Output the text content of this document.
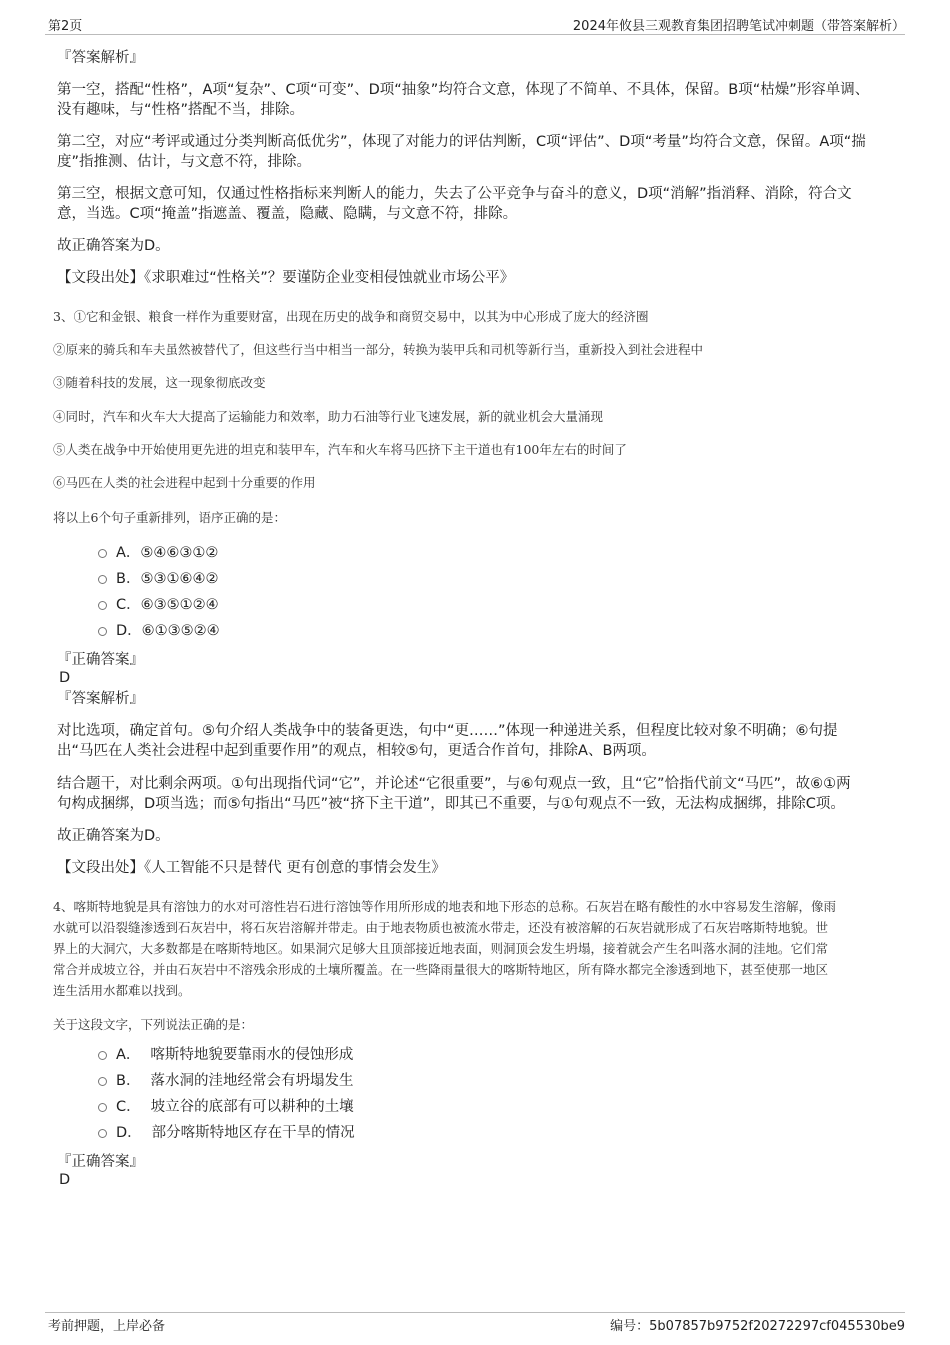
第2页	2024年攸县三观教育集团招聘笔试冲刺题（带答案解析）
『答案解析』
第一空，搭配“性格”，A项“复杂”、C项“可变”、D项“抽象”均符合文意，体现了不简单、不具体，保留。B项“枯燥”形容单调、
没有趣味，与“性格”搭配不当，排除。
第二空，对应“考评或通过分类判断高低优劣”，体现了对能力的评估判断，C项“评估”、D项“考量”均符合文意，保留。A项“揣
度”指推测、估计，与文意不符，排除。
第三空，根据文意可知，仅通过性格指标来判断人的能力，失去了公平竞争与奋斗的意义，D项“消解”指消释、消除，符合文
意，当选。C项“掩盖”指遮盖、覆盖，隐藏、隐瞒，与文意不符，排除。
故正确答案为D。
【文段出处】《求职难过“性格关”？要谨防企业变相侵蚀就业市场公平》
3、①它和金银、粮食一样作为重要财富，出现在历史的战争和商贸交易中，以其为中心形成了庞大的经济圈
②原来的骑兵和车夫虽然被替代了，但这些行当中相当一部分，转换为装甲兵和司机等新行当，重新投入到社会进程中
③随着科技的发展，这一现象彻底改变
④同时，汽车和火车大大提高了运输能力和效率，助力石油等行业飞速发展，新的就业机会大量涌现
⑤人类在战争中开始使用更先进的坦克和装甲车，汽车和火车将马匹挤下主干道也有100年左右的时间了
⑥马匹在人类的社会进程中起到十分重要的作用
将以上6个句子重新排列，语序正确的是：
A．⑤④⑥③①②
B．⑤③①⑥④②
C．⑥③⑤①②④
D．⑥①③⑤②④
『正确答案』
D
『答案解析』
对比选项，确定首句。⑤句介绍人类战争中的装备更迭，句中“更……”体现一种递进关系，但程度比较对象不明确；⑥句提
出“马匹在人类社会进程中起到重要作用”的观点，相较⑤句，更适合作首句，排除A、B两项。
结合题干，对比剩余两项。①句出现指代词“它”，并论述“它很重要”，与⑥句观点一致，且“它”恰指代前文“马匹”，故⑥①两
句构成捆绑，D项当选；而⑤句指出“马匹”被“挤下主干道”，即其已不重要，与①句观点不一致，无法构成捆绑，排除C项。
故正确答案为D。
【文段出处】《人工智能不只是替代 更有创意的事情会发生》
4、喀斯特地貌是具有溶蚀力的水对可溶性岩石进行溶蚀等作用所形成的地表和地下形态的总称。石灰岩在略有酸性的水中容易发生溶解，像雨
水就可以沿裂缝渗透到石灰岩中，将石灰岩溶解并带走。由于地表物质也被流水带走，还没有被溶解的石灰岩就形成了石灰岩喀斯特地貌。世
界上的大洞穴，大多数都是在喀斯特地区。如果洞穴足够大且顶部接近地表面，则洞顶会发生坍塌，接着就会产生名叫落水洞的洼地。它们常
常合并成坡立谷，并由石灰岩中不溶残余形成的土壤所覆盖。在一些降雨量很大的喀斯特地区，所有降水都完全渗透到地下，甚至使那一地区
连生活用水都难以找到。
关于这段文字，下列说法正确的是：
A． 喀斯特地貌要靠雨水的侵蚀形成
B． 落水洞的洼地经常会有坍塌发生
C． 坡立谷的底部有可以耕种的土壤
D． 部分喀斯特地区存在干旱的情况
『正确答案』
D
考前押题，上岸必备	编号：5b07857b9752f20272297cf045530be9
